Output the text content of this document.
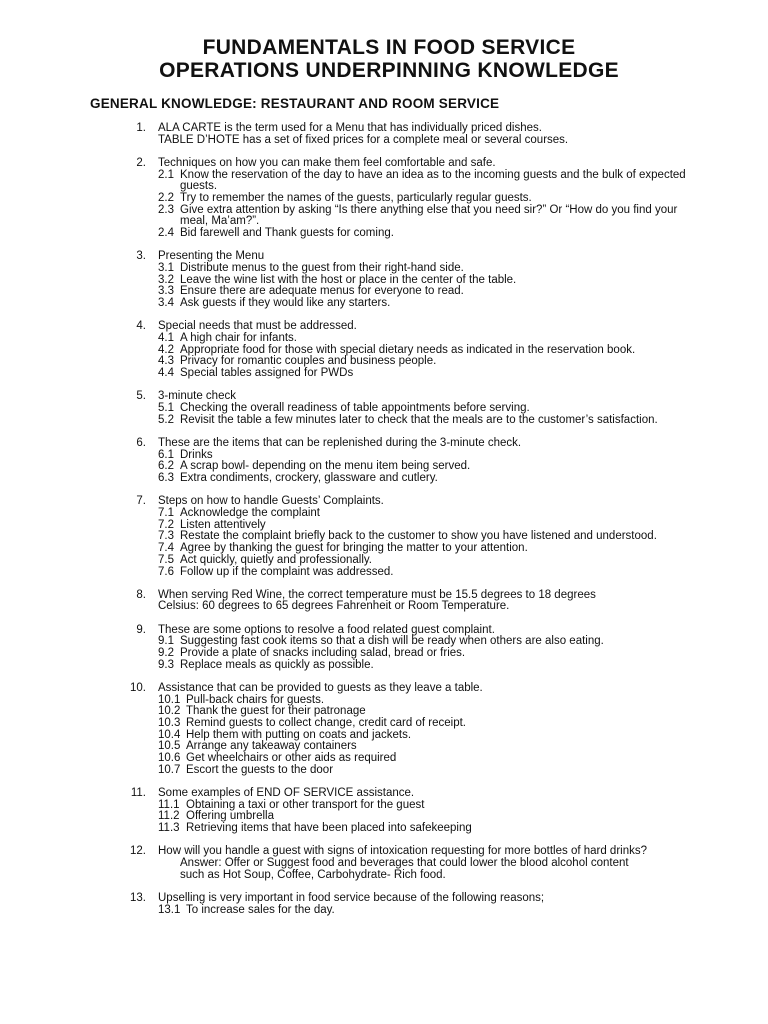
FUNDAMENTALS IN FOOD SERVICE
OPERATIONS UNDERPINNING KNOWLEDGE
GENERAL KNOWLEDGE: RESTAURANT AND ROOM SERVICE
1. ALA CARTE is the term used for a Menu that has individually priced dishes.
TABLE D’HOTE has a set of fixed prices for a complete meal or several courses.
2. Techniques on how you can make them feel comfortable and safe.
2.1 Know the reservation of the day to have an idea as to the incoming guests and the bulk of expected guests.
2.2 Try to remember the names of the guests, particularly regular guests.
2.3 Give extra attention by asking “Is there anything else that you need sir?” Or “How do you find your meal, Ma’am?”.
2.4 Bid farewell and Thank guests for coming.
3. Presenting the Menu
3.1 Distribute menus to the guest from their right-hand side.
3.2 Leave the wine list with the host or place in the center of the table.
3.3 Ensure there are adequate menus for everyone to read.
3.4 Ask guests if they would like any starters.
4. Special needs that must be addressed.
4.1 A high chair for infants.
4.2 Appropriate food for those with special dietary needs as indicated in the reservation book.
4.3 Privacy for romantic couples and business people.
4.4 Special tables assigned for PWDs
5. 3-minute check
5.1 Checking the overall readiness of table appointments before serving.
5.2 Revisit the table a few minutes later to check that the meals are to the customer’s satisfaction.
6. These are the items that can be replenished during the 3-minute check.
6.1 Drinks
6.2 A scrap bowl- depending on the menu item being served.
6.3 Extra condiments, crockery, glassware and cutlery.
7. Steps on how to handle Guests’ Complaints.
7.1 Acknowledge the complaint
7.2 Listen attentively
7.3 Restate the complaint briefly back to the customer to show you have listened and understood.
7.4 Agree by thanking the guest for bringing the matter to your attention.
7.5 Act quickly, quietly and professionally.
7.6 Follow up if the complaint was addressed.
8. When serving Red Wine, the correct temperature must be 15.5 degrees to 18 degrees
Celsius: 60 degrees to 65 degrees Fahrenheit or Room Temperature.
9. These are some options to resolve a food related guest complaint.
9.1 Suggesting fast cook items so that a dish will be ready when others are also eating.
9.2 Provide a plate of snacks including salad, bread or fries.
9.3 Replace meals as quickly as possible.
10. Assistance that can be provided to guests as they leave a table.
10.1 Pull-back chairs for guests.
10.2 Thank the guest for their patronage
10.3 Remind guests to collect change, credit card of receipt.
10.4 Help them with putting on coats and jackets.
10.5 Arrange any takeaway containers
10.6 Get wheelchairs or other aids as required
10.7 Escort the guests to the door
11. Some examples of END OF SERVICE assistance.
11.1 Obtaining a taxi or other transport for the guest
11.2 Offering umbrella
11.3 Retrieving items that have been placed into safekeeping
12. How will you handle a guest with signs of intoxication requesting for more bottles of hard drinks?
Answer: Offer or Suggest food and beverages that could lower the blood alcohol content
such as Hot Soup, Coffee, Carbohydrate- Rich food.
13. Upselling is very important in food service because of the following reasons;
13.1 To increase sales for the day.
